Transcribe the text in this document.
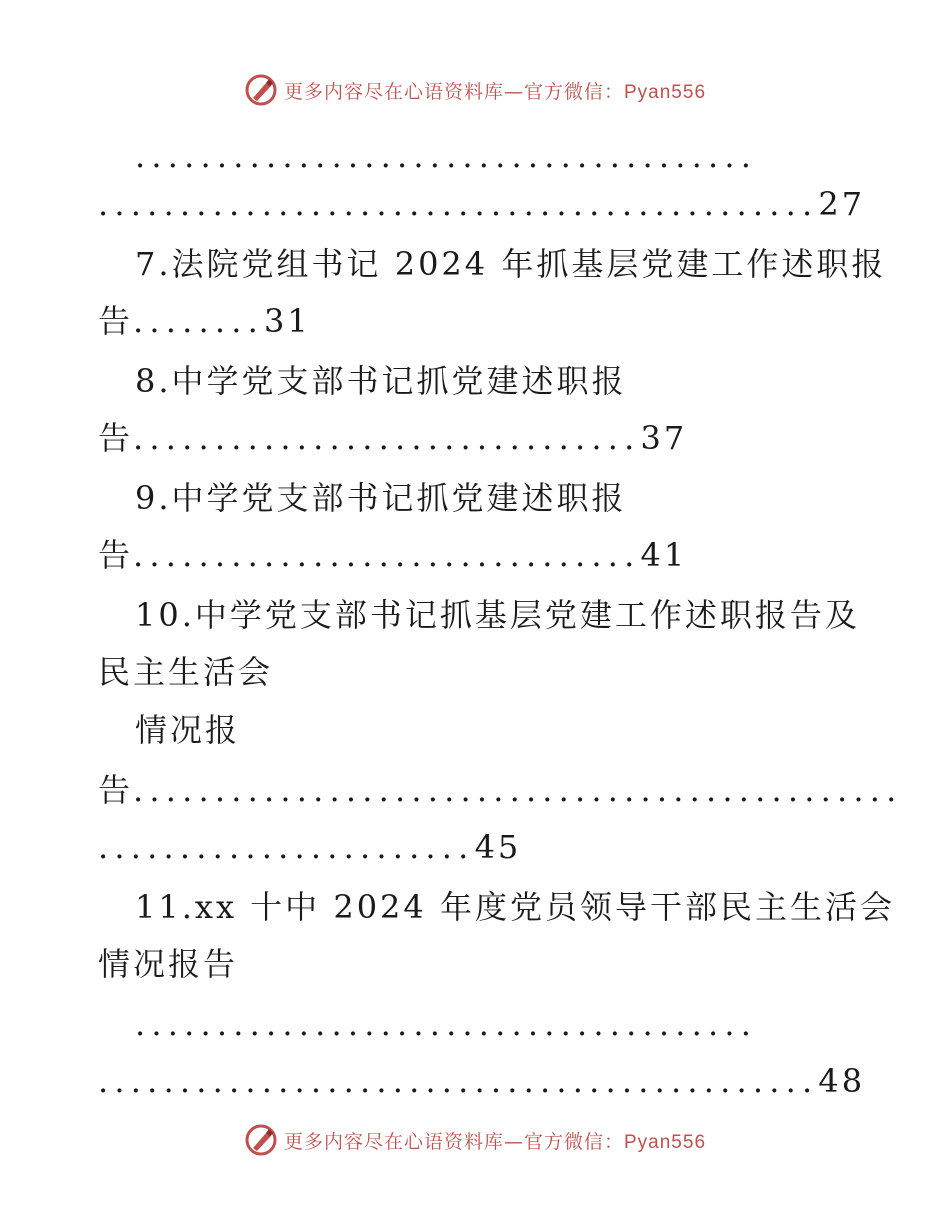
更多内容尽在心语资料库—官方微信：Pyan556
......................................
............................................27
7.法院党组书记 2024 年抓基层党建工作述职报
告........31
8.中学党支部书记抓党建述职报
告...............................37
9.中学党支部书记抓党建述职报
告...............................41
10.中学党支部书记抓基层党建工作述职报告及
民主生活会
情况报
告...............................................
.......................45
11.xx 十中 2024 年度党员领导干部民主生活会
情况报告
......................................
............................................48
更多内容尽在心语资料库—官方微信：Pyan556
